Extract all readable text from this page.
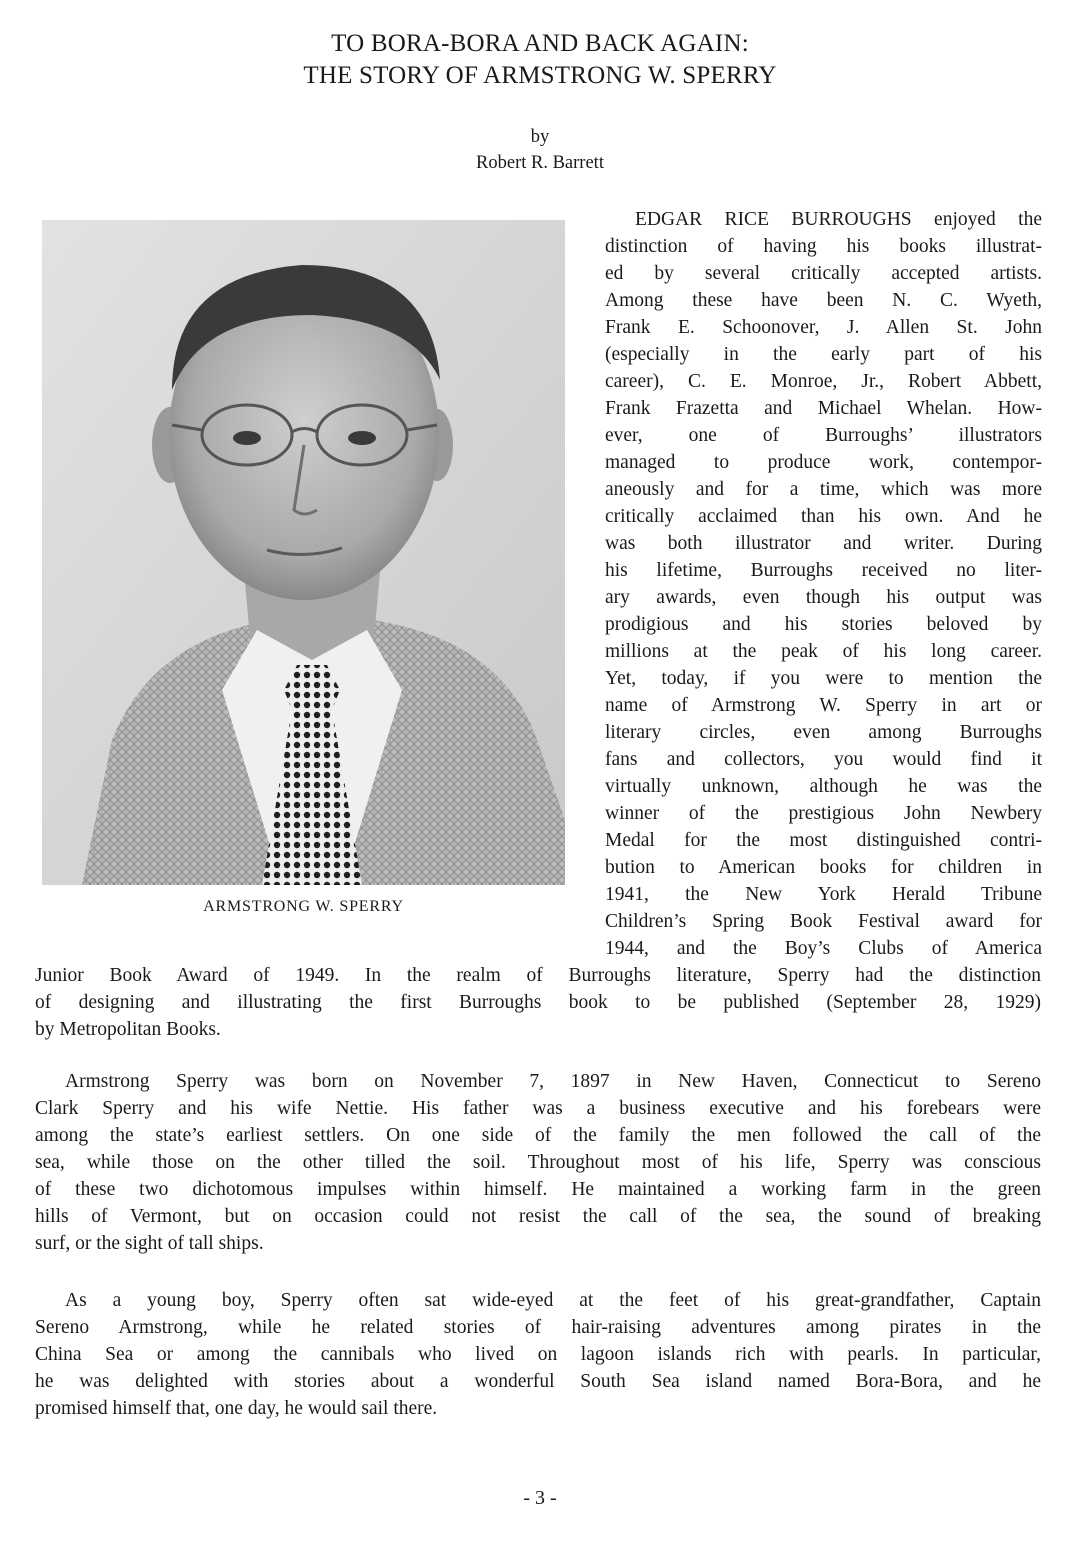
TO BORA-BORA AND BACK AGAIN:
THE STORY OF ARMSTRONG W. SPERRY
by
Robert R. Barrett
ARMSTRONG W. SPERRY
EDGAR RICE BURROUGHS enjoyed the
distinction of having his books illustrat-
ed by several critically accepted artists.
Among these have been N. C. Wyeth,
Frank E. Schoonover, J. Allen St. John
(especially in the early part of his
career), C. E. Monroe, Jr., Robert Abbett,
Frank Frazetta and Michael Whelan. How-
ever, one of Burroughs’ illustrators
managed to produce work, contempor-
aneously and for a time, which was more
critically acclaimed than his own. And he
was both illustrator and writer. During
his lifetime, Burroughs received no liter-
ary awards, even though his output was
prodigious and his stories beloved by
millions at the peak of his long career.
Yet, today, if you were to mention the
name of Armstrong W. Sperry in art or
literary circles, even among Burroughs
fans and collectors, you would find it
virtually unknown, although he was the
winner of the prestigious John Newbery
Medal for the most distinguished contri-
bution to American books for children in
1941, the New York Herald Tribune
Children’s Spring Book Festival award for
1944, and the Boy’s Clubs of America
Junior Book Award of 1949. In the realm of Burroughs literature, Sperry had the distinction
of designing and illustrating the first Burroughs book to be published (September 28, 1929)
by Metropolitan Books.
Armstrong Sperry was born on November 7, 1897 in New Haven, Connecticut to Sereno
Clark Sperry and his wife Nettie. His father was a business executive and his forebears were
among the state’s earliest settlers. On one side of the family the men followed the call of the
sea, while those on the other tilled the soil. Throughout most of his life, Sperry was conscious
of these two dichotomous impulses within himself. He maintained a working farm in the green
hills of Vermont, but on occasion could not resist the call of the sea, the sound of breaking
surf, or the sight of tall ships.
As a young boy, Sperry often sat wide-eyed at the feet of his great-grandfather, Captain
Sereno Armstrong, while he related stories of hair-raising adventures among pirates in the
China Sea or among the cannibals who lived on lagoon islands rich with pearls. In particular,
he was delighted with stories about a wonderful South Sea island named Bora-Bora, and he
promised himself that, one day, he would sail there.
- 3 -
